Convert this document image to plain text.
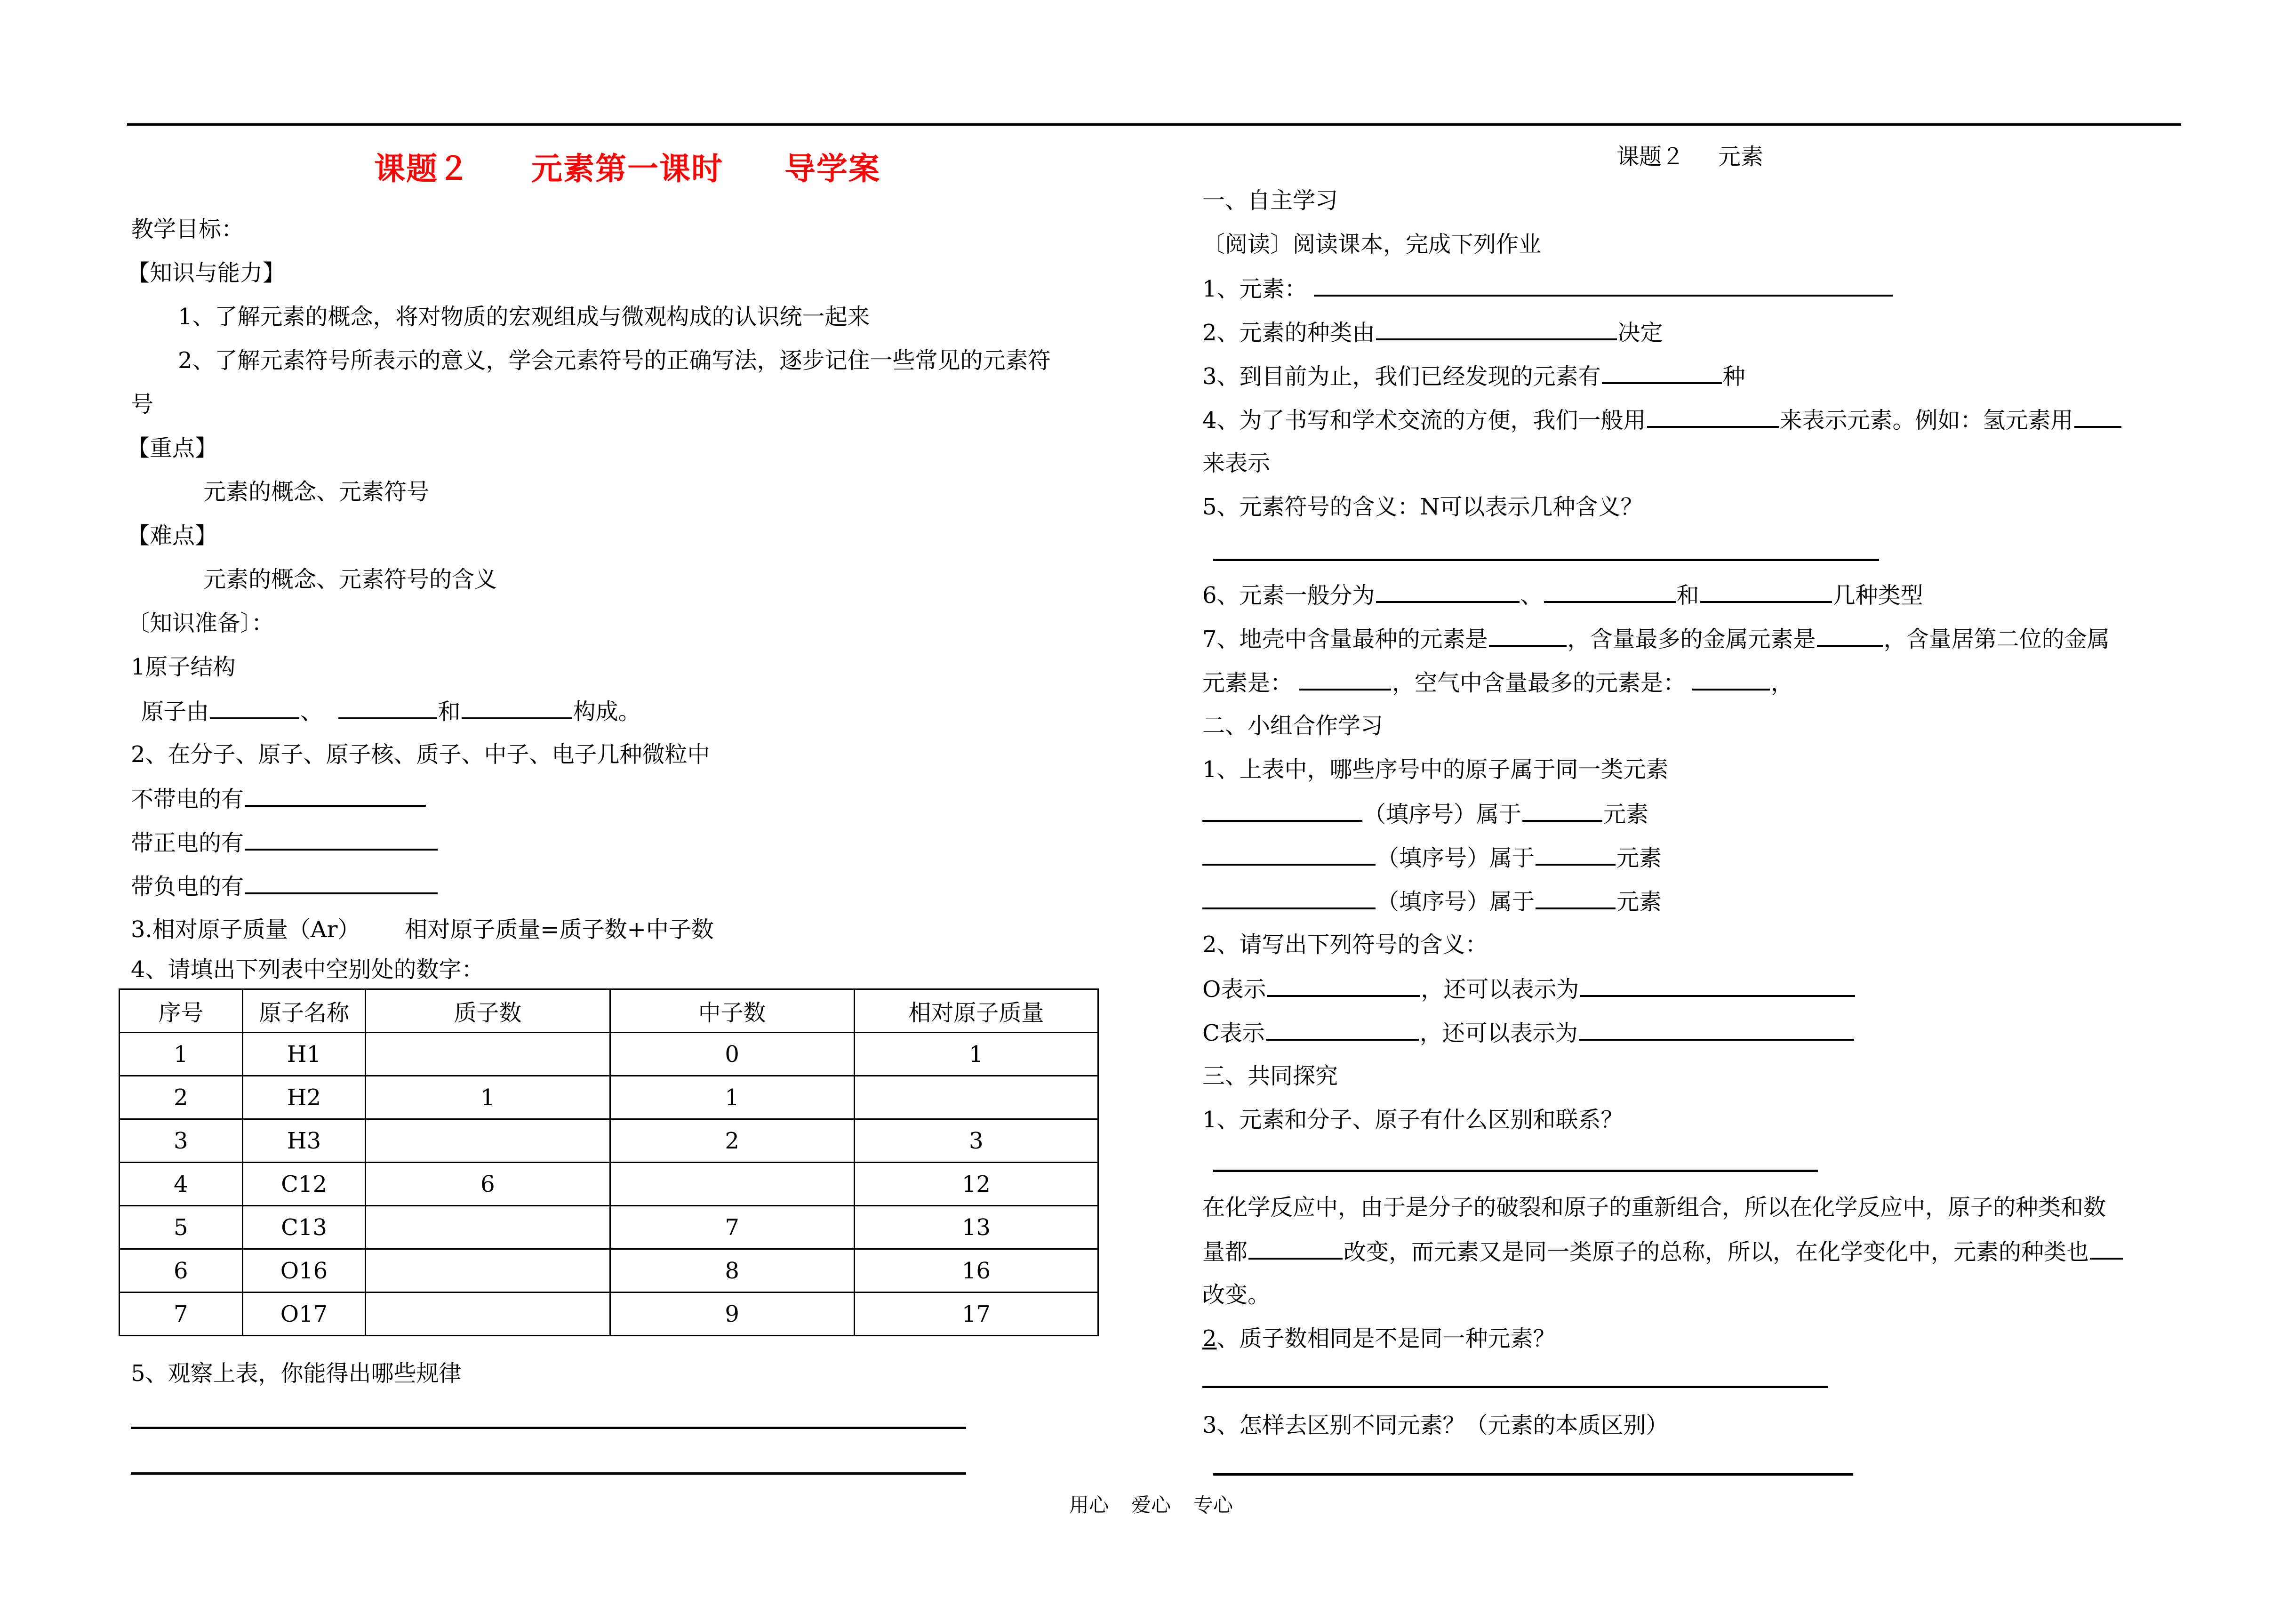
课题２ 元素第一课时 导学案
教学目标：
【知识与能力】
1、了解元素的概念，将对物质的宏观组成与微观构成的认识统一起来
2、了解元素符号所表示的意义，学会元素符号的正确写法，逐步记住一些常见的元素符
号
【重点】
元素的概念、元素符号
【难点】
元素的概念、元素符号的含义
〔知识准备〕：
1原子结构
原子由	、	和	构成。
2、在分子、原子、原子核、质子、中子、电子几种微粒中
不带电的有
带正电的有
带负电的有
3.相对原子质量（Ar） 相对原子质量=质子数+中子数
4、请填出下列表中空别处的数字：
序号	原子名称	质子数	中子数	相对原子质量
1	H1		0	1
2	H2	1	1	
3	H3		2	3
4	C12	6		12
5	C13		7	13
6	O16		8	16
7	O17		9	17
5、观察上表，你能得出哪些规律
课题２ 元素
一、自主学习
〔阅读〕阅读课本，完成下列作业
1、元素：
2、元素的种类由	决定
3、到目前为止，我们已经发现的元素有	种
4、为了书写和学术交流的方便，我们一般用	来表示元素。例如：氢元素用
来表示
5、元素符号的含义：N可以表示几种含义？
6、元素一般分为	、	和	几种类型
7、地壳中含量最种的元素是	，含量最多的金属元素是	，含量居第二位的金属
元素是：	，空气中含量最多的元素是：	，
二、小组合作学习
1、上表中，哪些序号中的原子属于同一类元素
（填序号）属于	元素
（填序号）属于	元素
（填序号）属于	元素
2、请写出下列符号的含义：
O表示	，还可以表示为
C表示	，还可以表示为
三、共同探究
1、元素和分子、原子有什么区别和联系？
在化学反应中，由于是分子的破裂和原子的重新组合，所以在化学反应中，原子的种类和数
量都	改变，而元素又是同一类原子的总称，所以，在化学变化中，元素的种类也
改变。
2、质子数相同是不是同一种元素？
3、怎样去区别不同元素？（元素的本质区别）
用心 爱心 专心
